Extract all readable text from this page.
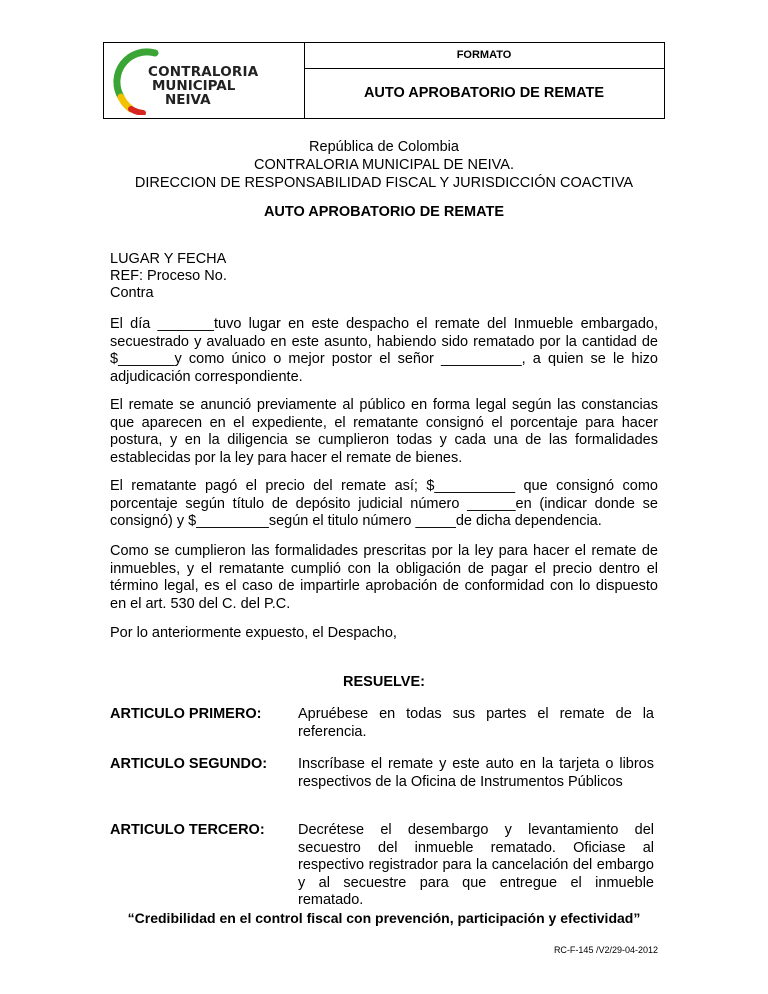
CONTRALORIA
MUNICIPAL
NEIVA
FORMATO
AUTO APROBATORIO DE REMATE
República de Colombia
CONTRALORIA MUNICIPAL DE NEIVA.
DIRECCION DE RESPONSABILIDAD FISCAL Y JURISDICCIÓN COACTIVA
AUTO APROBATORIO DE REMATE
LUGAR Y FECHA
REF: Proceso No.
Contra
El día _______tuvo lugar en este despacho el remate del Inmueble embargado, secuestrado y avaluado en este asunto, habiendo sido rematado por la cantidad de $_______y como único o mejor postor el señor __________, a quien se le hizo adjudicación correspondiente.
El remate se anunció previamente al público en forma legal según las constancias que aparecen en el expediente, el rematante consignó el porcentaje para hacer postura, y en la diligencia se cumplieron todas y cada una de las formalidades establecidas por la ley para hacer el remate de bienes.
El rematante pagó el precio del remate así; $__________ que consignó como porcentaje según título de depósito judicial número ______en (indicar donde se consignó) y $_________según el titulo número _____de dicha dependencia.
Como se cumplieron las formalidades prescritas por la ley para hacer el remate de inmuebles, y el rematante cumplió con la obligación de pagar el precio dentro el término legal, es el caso de impartirle aprobación de conformidad con lo dispuesto en el art. 530 del C. del P.C.
Por lo anteriormente expuesto, el Despacho,
RESUELVE:
ARTICULO PRIMERO:	Apruébese en todas sus partes el remate de la referencia.
ARTICULO SEGUNDO: Inscríbase el remate y este auto en la tarjeta o libros respectivos de la Oficina de Instrumentos Públicos
ARTICULO TERCERO: Decrétese el desembargo y levantamiento del secuestro del inmueble rematado. Oficiase al respectivo registrador para la cancelación del embargo y al secuestre para que entregue el inmueble rematado.
“Credibilidad en el control fiscal con prevención, participación y efectividad”
RC-F-145 /V2/29-04-2012
